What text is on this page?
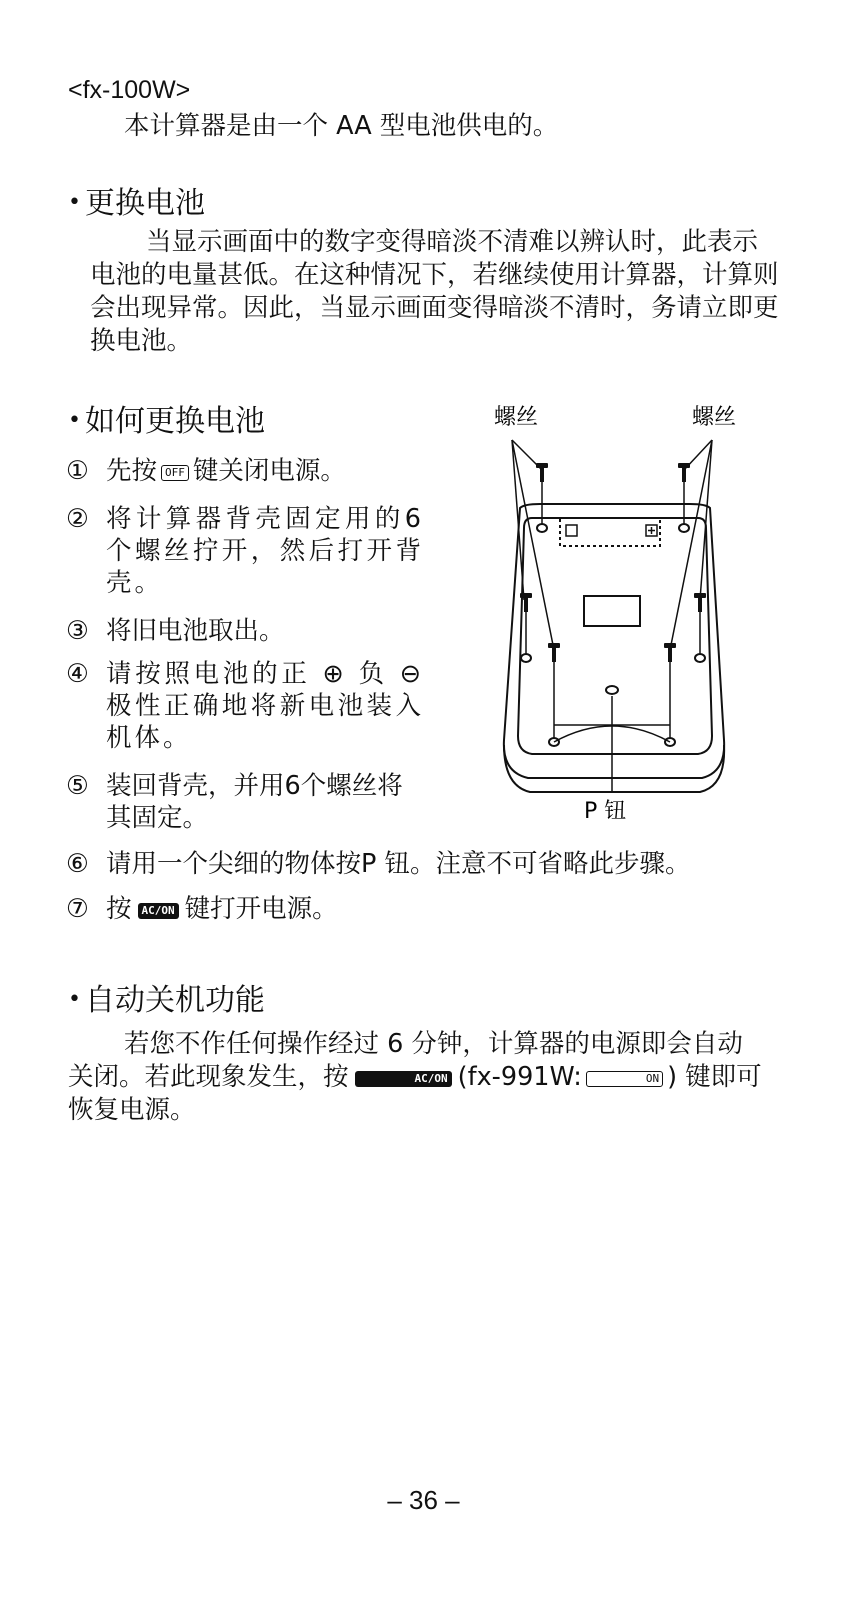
<fx-100W>
本计算器是由一个 AA 型电池供电的。
• 更换电池
当显示画面中的数字变得暗淡不清难以辨认时，此表示电池的电量甚低。在这种情况下，若继续使用计算器，计算则会出现异常。因此，当显示画面变得暗淡不清时，务请立即更换电池。
• 如何更换电池
① 先按 OFF 键关闭电源。
② 将计算器背壳固定用的6个螺丝拧开，然后打开背壳。
③ 将旧电池取出。
④ 请按照电池的正 ⊕ 负 ⊖ 极性正确地将新电池装入机体。
⑤ 装回背壳，并用6个螺丝将其固定。
⑥ 请用一个尖细的物体按P 钮。注意不可省略此步骤。
⑦ 按 AC/ON 键打开电源。
螺丝	螺丝
P 钮
• 自动关机功能
若您不作任何操作经过 6 分钟，计算器的电源即会自动关闭。若此现象发生，按	AC/ON (fx-991W:	ON ) 键即可恢复电源。
– 36 –
